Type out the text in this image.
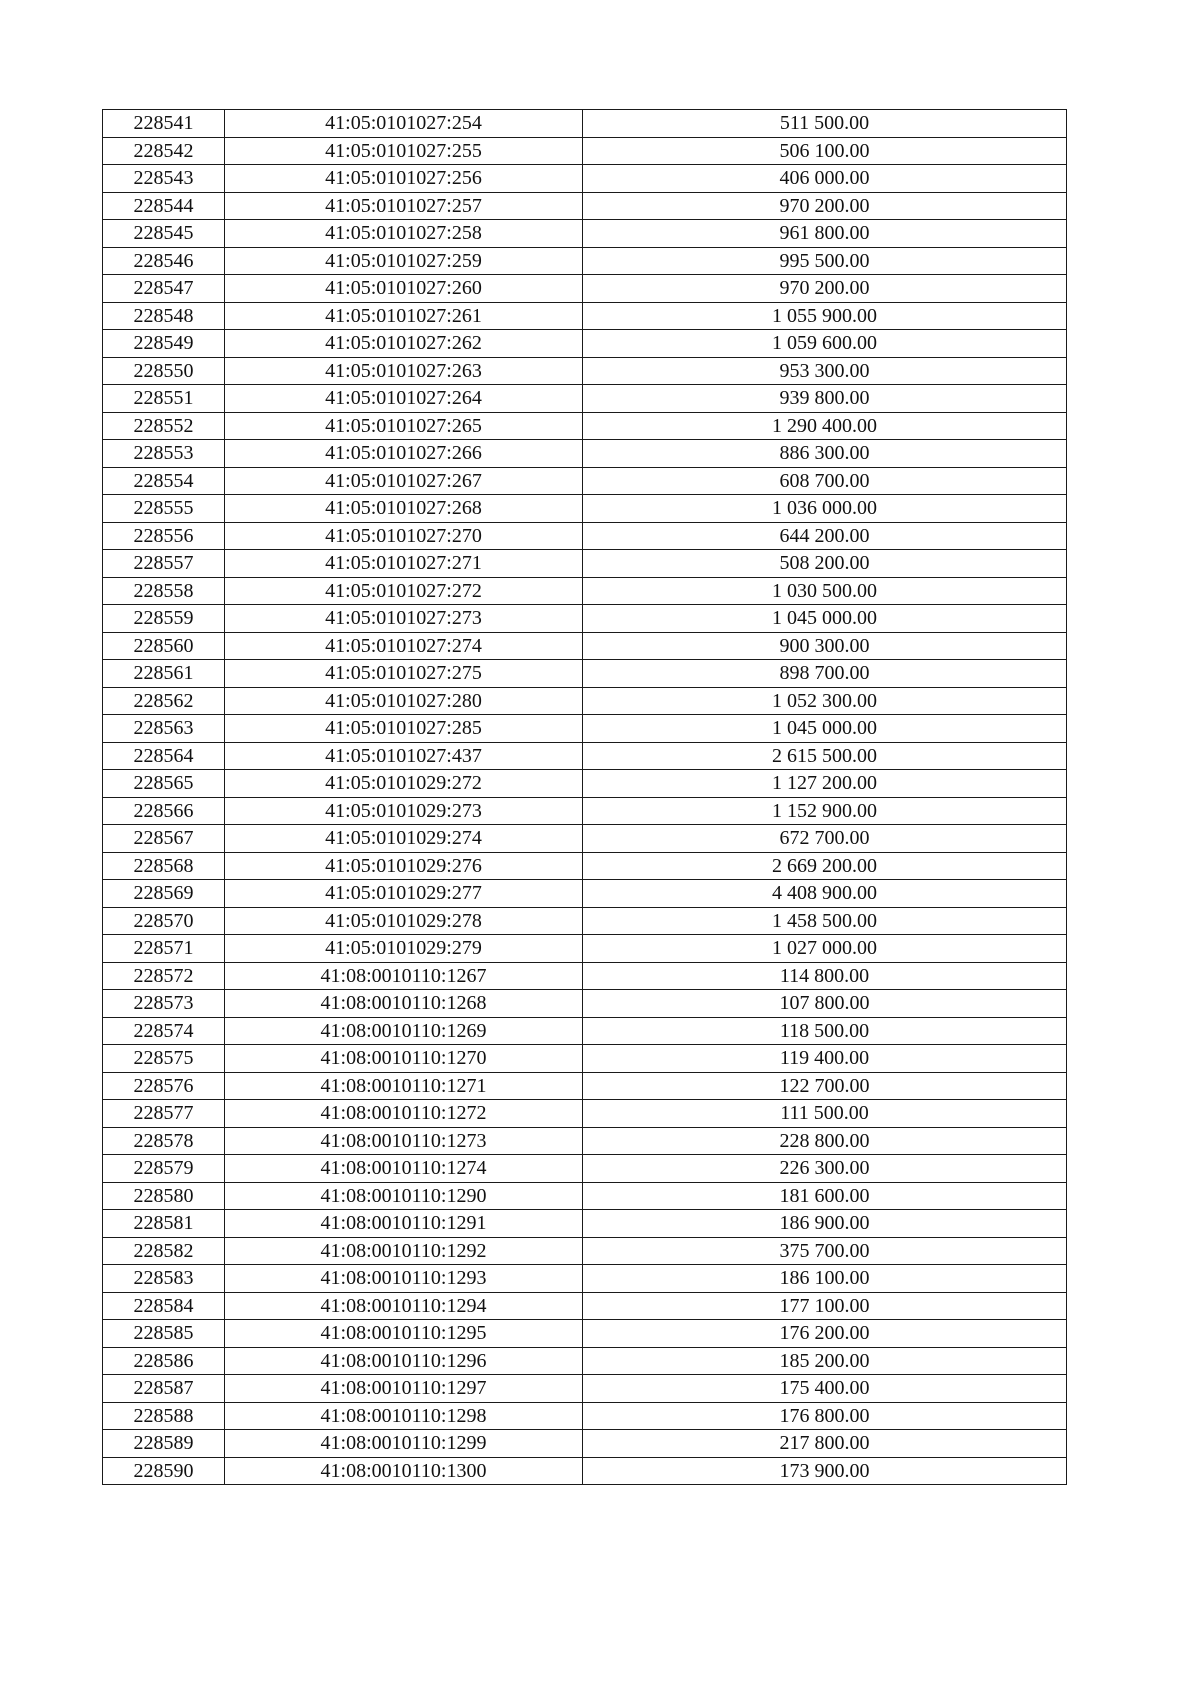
228541	41:05:0101027:254	511 500.00
228542	41:05:0101027:255	506 100.00
228543	41:05:0101027:256	406 000.00
228544	41:05:0101027:257	970 200.00
228545	41:05:0101027:258	961 800.00
228546	41:05:0101027:259	995 500.00
228547	41:05:0101027:260	970 200.00
228548	41:05:0101027:261	1 055 900.00
228549	41:05:0101027:262	1 059 600.00
228550	41:05:0101027:263	953 300.00
228551	41:05:0101027:264	939 800.00
228552	41:05:0101027:265	1 290 400.00
228553	41:05:0101027:266	886 300.00
228554	41:05:0101027:267	608 700.00
228555	41:05:0101027:268	1 036 000.00
228556	41:05:0101027:270	644 200.00
228557	41:05:0101027:271	508 200.00
228558	41:05:0101027:272	1 030 500.00
228559	41:05:0101027:273	1 045 000.00
228560	41:05:0101027:274	900 300.00
228561	41:05:0101027:275	898 700.00
228562	41:05:0101027:280	1 052 300.00
228563	41:05:0101027:285	1 045 000.00
228564	41:05:0101027:437	2 615 500.00
228565	41:05:0101029:272	1 127 200.00
228566	41:05:0101029:273	1 152 900.00
228567	41:05:0101029:274	672 700.00
228568	41:05:0101029:276	2 669 200.00
228569	41:05:0101029:277	4 408 900.00
228570	41:05:0101029:278	1 458 500.00
228571	41:05:0101029:279	1 027 000.00
228572	41:08:0010110:1267	114 800.00
228573	41:08:0010110:1268	107 800.00
228574	41:08:0010110:1269	118 500.00
228575	41:08:0010110:1270	119 400.00
228576	41:08:0010110:1271	122 700.00
228577	41:08:0010110:1272	111 500.00
228578	41:08:0010110:1273	228 800.00
228579	41:08:0010110:1274	226 300.00
228580	41:08:0010110:1290	181 600.00
228581	41:08:0010110:1291	186 900.00
228582	41:08:0010110:1292	375 700.00
228583	41:08:0010110:1293	186 100.00
228584	41:08:0010110:1294	177 100.00
228585	41:08:0010110:1295	176 200.00
228586	41:08:0010110:1296	185 200.00
228587	41:08:0010110:1297	175 400.00
228588	41:08:0010110:1298	176 800.00
228589	41:08:0010110:1299	217 800.00
228590	41:08:0010110:1300	173 900.00
